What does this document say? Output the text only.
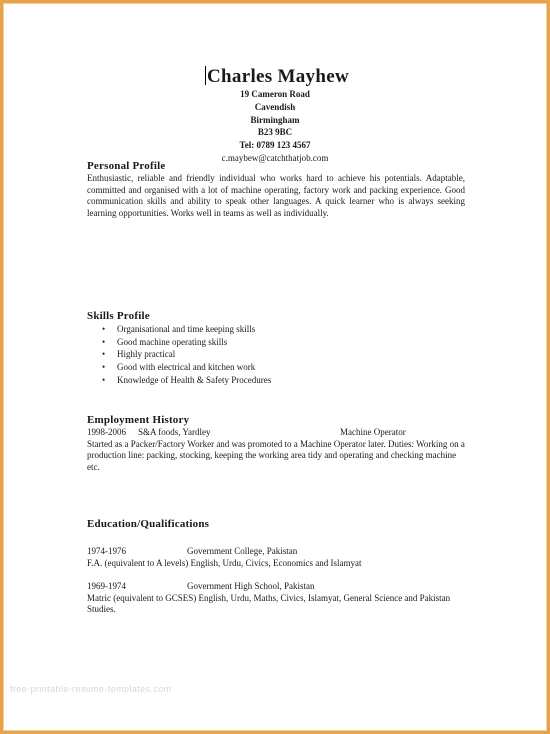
Charles Mayhew
19 Cameron Road
Cavendish
Birmingham
B23 9BC
Tel: 0789 123 4567
c.maybew@catchthatjob.com
Personal Profile
Enthusiastic, reliable and friendly individual who works hard to achieve his potentials. Adaptable, committed and organised with a lot of machine operating, factory work and packing experience. Good communication skills and ability to speak other languages. A quick learner who is always seeking learning opportunities. Works well in teams as well as individually.
Skills Profile
• Organisational and time keeping skills
• Good machine operating skills
• Highly practical
• Good with electrical and kitchen work
• Knowledge of Health & Safety Procedures
Employment History
1998-2006 S&A foods, Yardley	Machine Operator
Started as a Packer/Factory Worker and was promoted to a Machine Operator later. Duties: Working on a production line: packing, stocking, keeping the working area tidy and operating and checking machine etc.
Education/Qualifications
1974-1976	Government College, Pakistan
F.A. (equivalent to A levels) English, Urdu, Civics, Economics and Islamyat
1969-1974	Government High School, Pakistan
Matric (equivalent to GCSES) English, Urdu, Maths, Civics, Islamyat, General Science and Pakistan Studies.
free-printable-resume-templates.com
